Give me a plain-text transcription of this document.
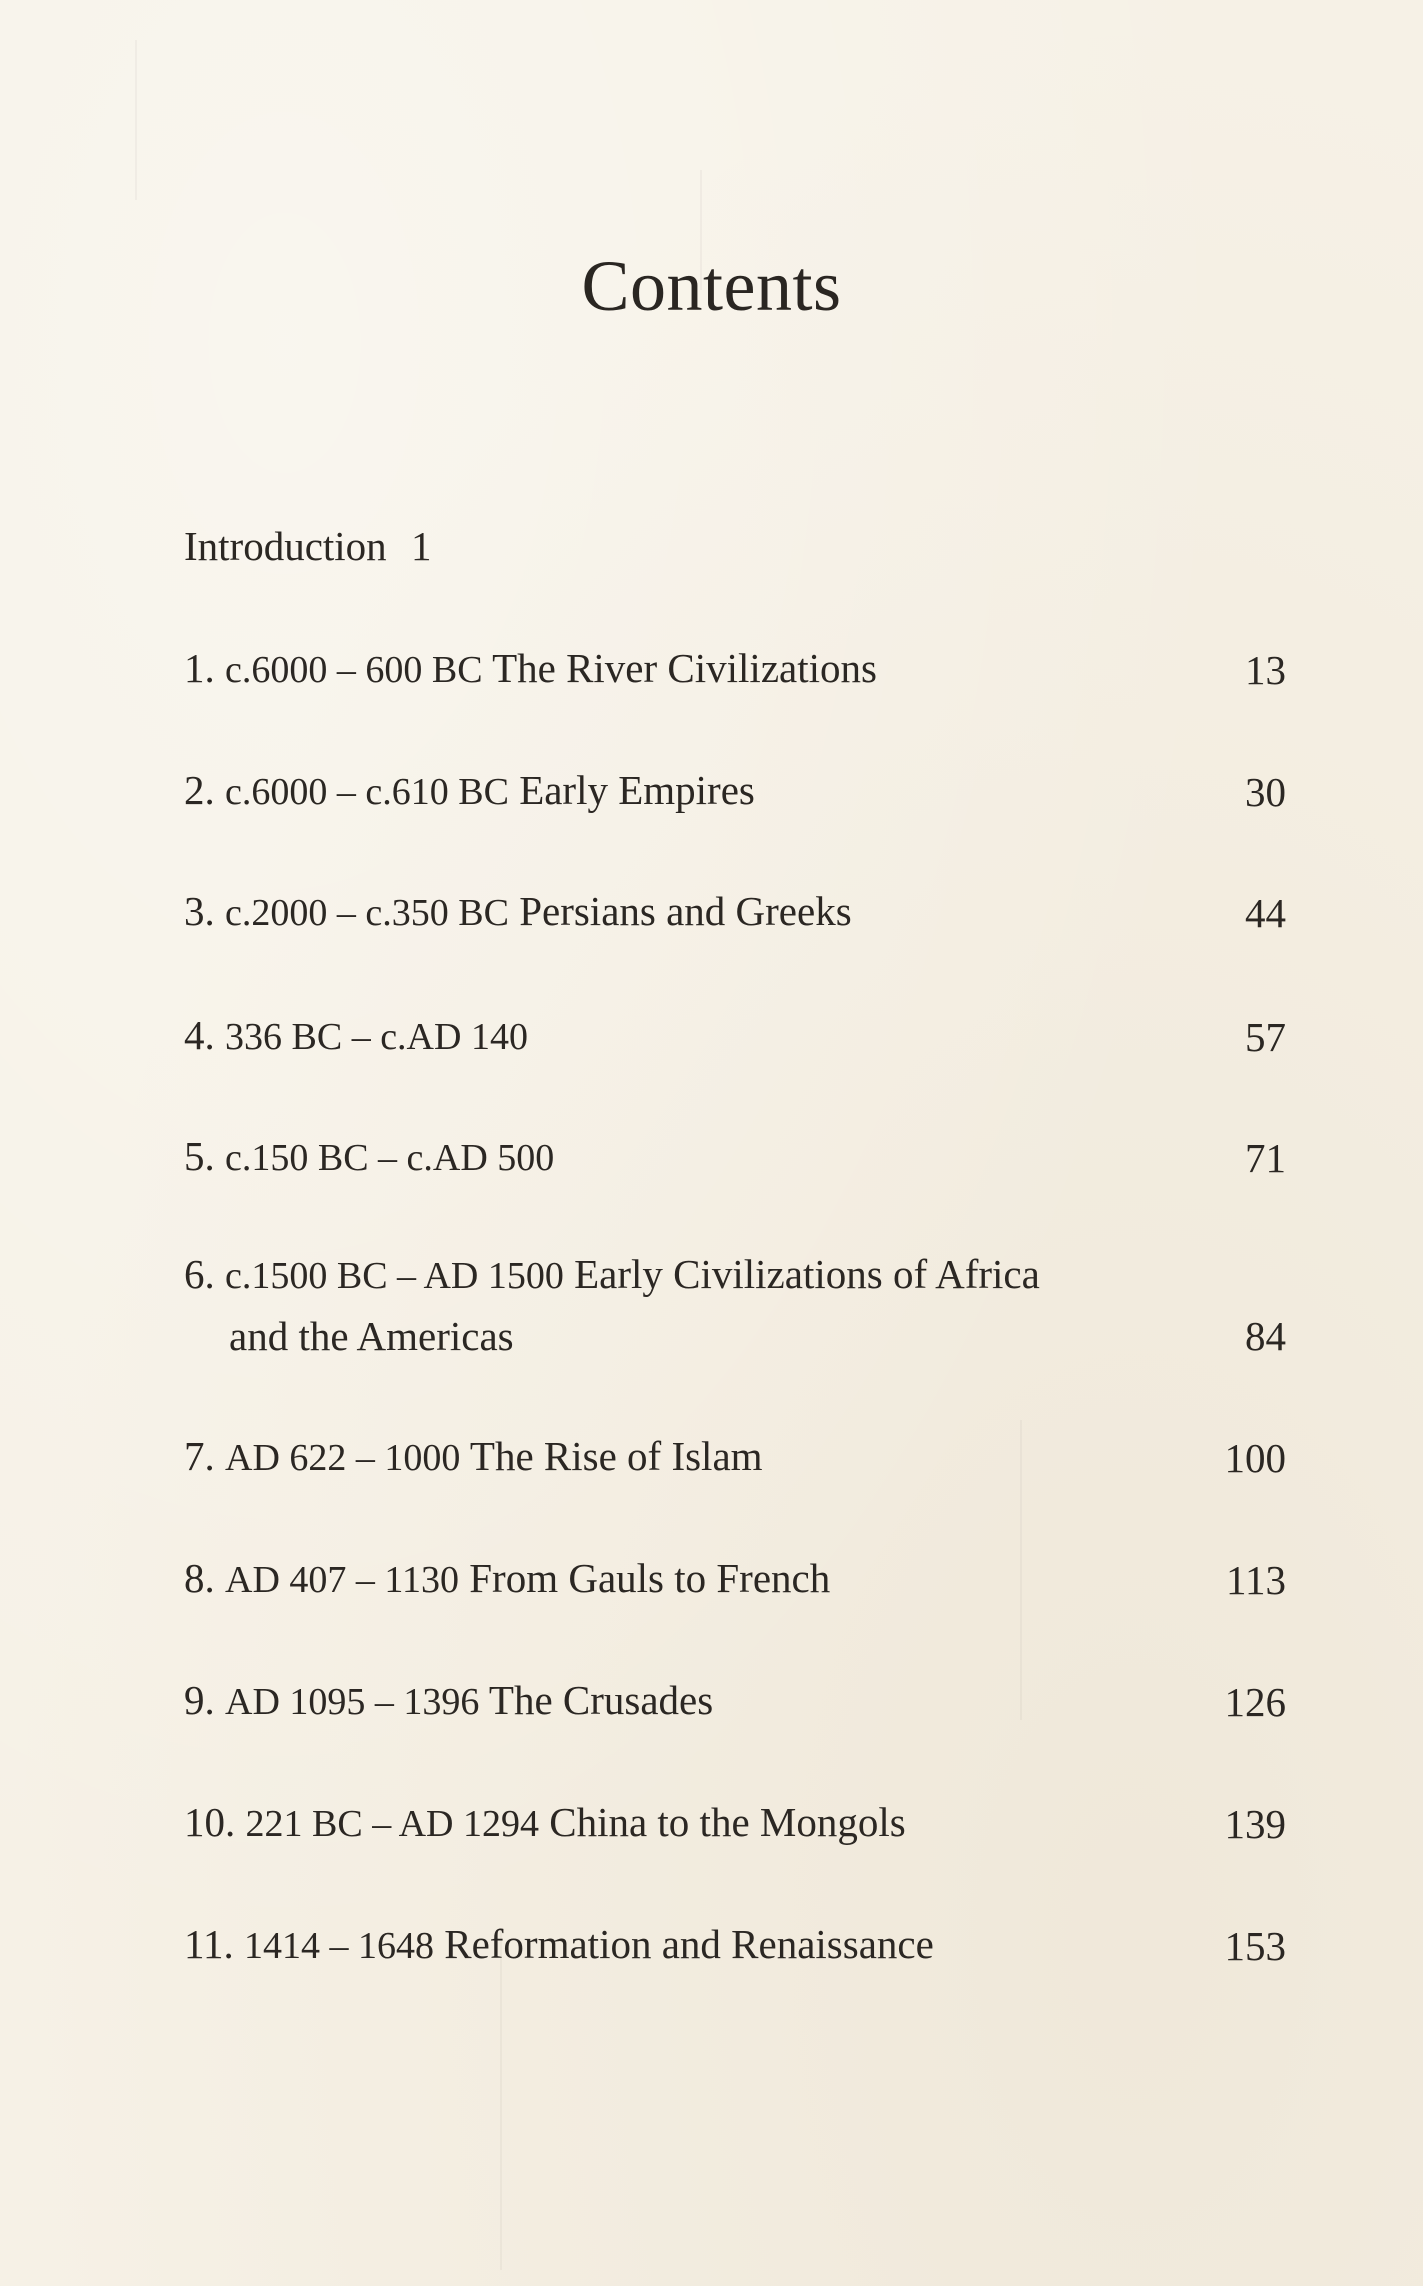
Contents
Introduction 1
1. c.6000 – 600 BC The River Civilizations	13
2. c.6000 – c.610 BC Early Empires	30
3. c.2000 – c.350 BC Persians and Greeks	44
4. 336 BC – c.AD 140	57
5. c.150 BC – c.AD 500	71
6. c.1500 BC – AD 1500 Early Civilizations of Africa
and the Americas	84
7. AD 622 – 1000 The Rise of Islam	100
8. AD 407 – 1130 From Gauls to French	113
9. AD 1095 – 1396 The Crusades	126
10. 221 BC – AD 1294 China to the Mongols	139
11. 1414 – 1648 Reformation and Renaissance	153
